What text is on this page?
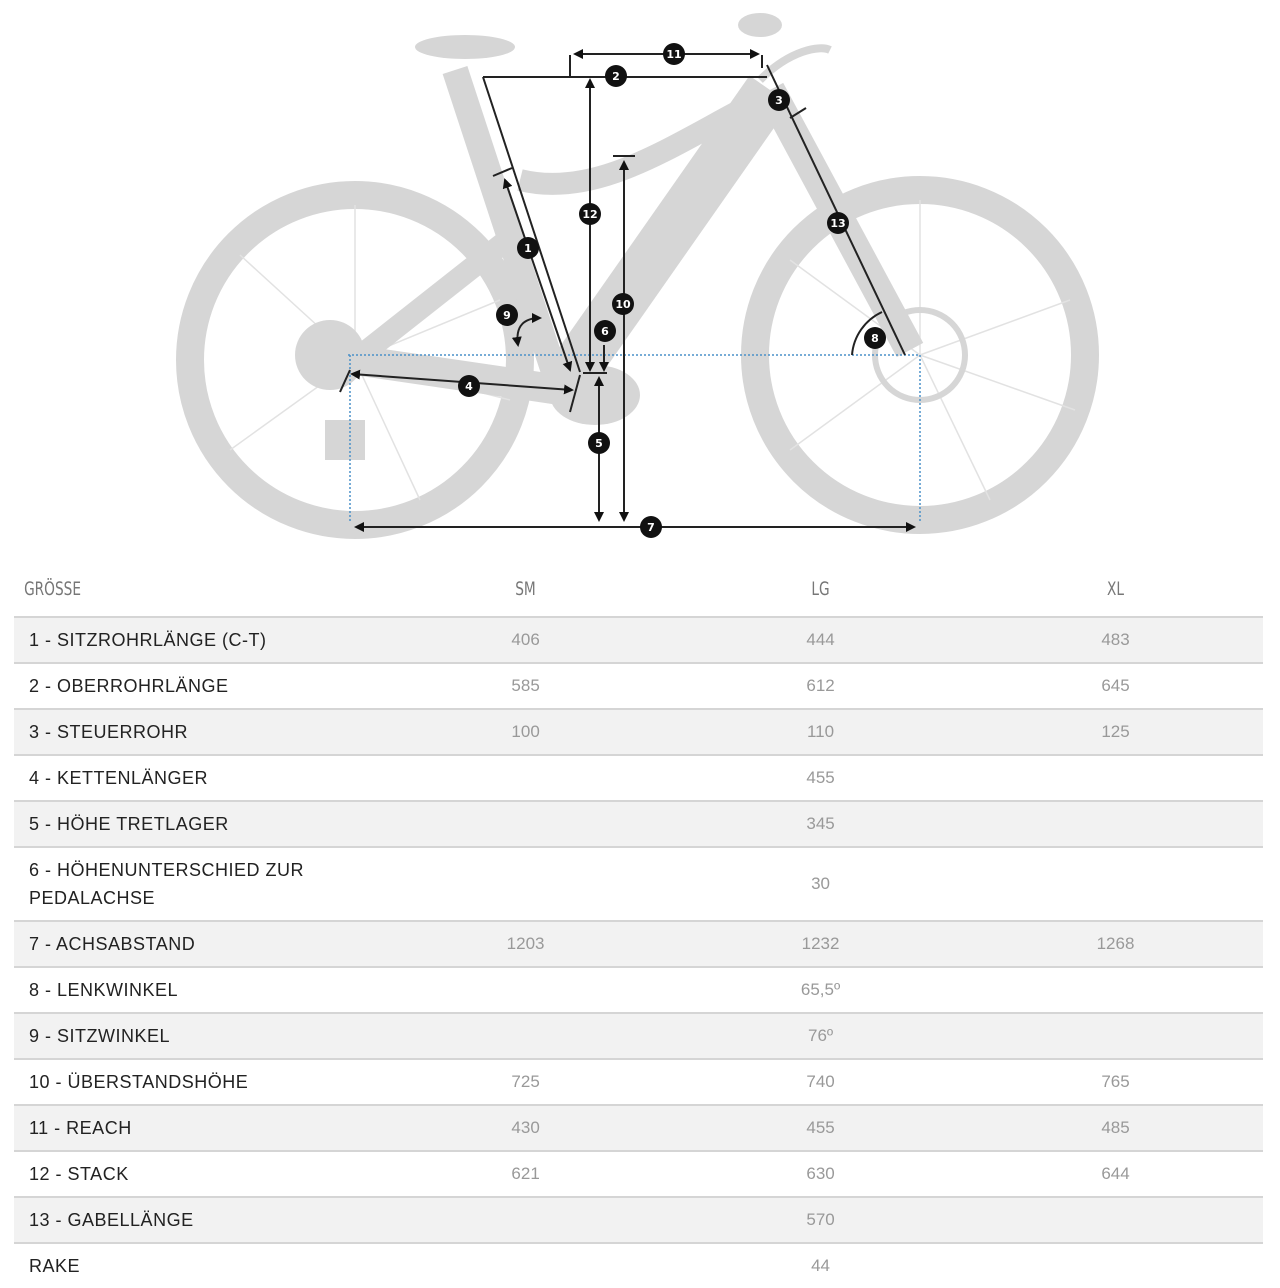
1
2
3
4
5
6
7
8
9
10
11
12
13
GRÖSSE	SM	LG	XL
1 - SITZROHRLÄNGE (C-T)	406	444	483
2 - OBERROHRLÄNGE	585	612	645
3 - STEUERROHR	100	110	125
4 - KETTENLÄNGER		455	
5 - HÖHE TRETLAGER		345	
6 - HÖHENUNTERSCHIED ZUR PEDALACHSE		30	
7 - ACHSABSTAND	1203	1232	1268
8 - LENKWINKEL		65,5º	
9 - SITZWINKEL		76º	
10 - ÜBERSTANDSHÖHE	725	740	765
11 - REACH	430	455	485
12 - STACK	621	630	644
13 - GABELLÄNGE		570	
RAKE		44	
